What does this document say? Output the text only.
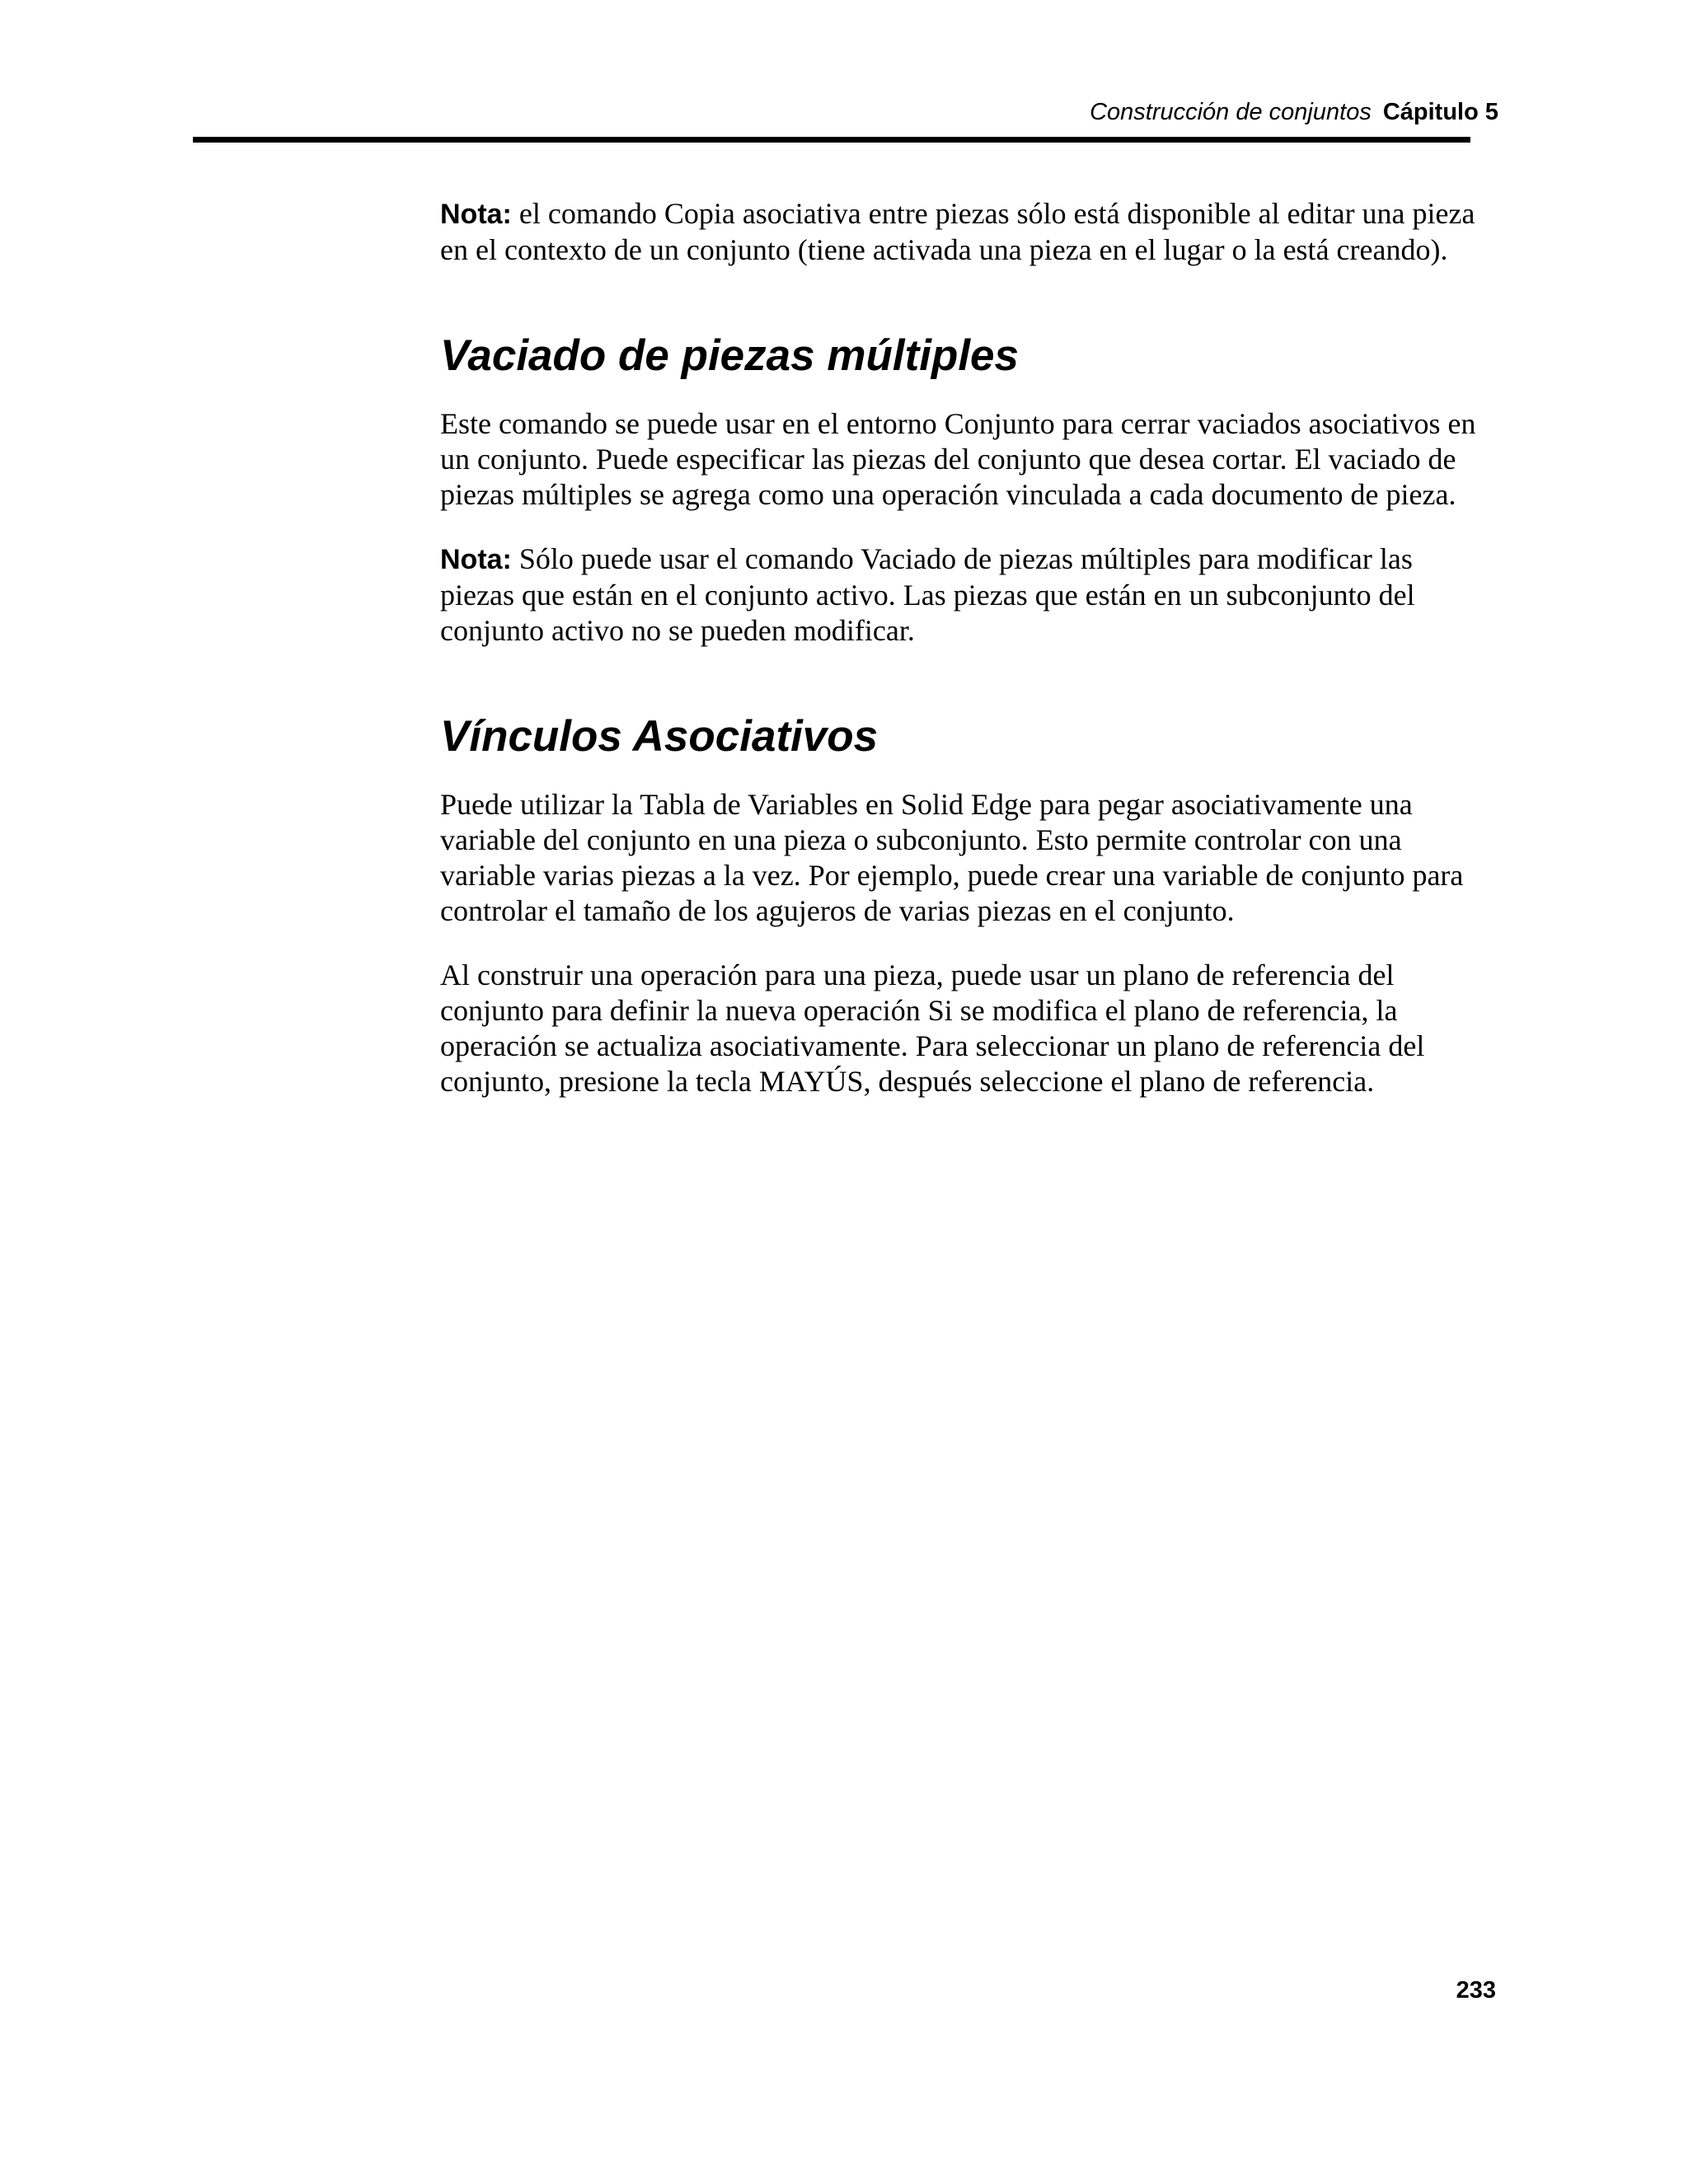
Construcción de conjuntos Cápitulo 5

Nota: el comando Copia asociativa entre piezas sólo está disponible al editar una pieza en el contexto de un conjunto (tiene activada una pieza en el lugar o la está creando).

Vaciado de piezas múltiples

Este comando se puede usar en el entorno Conjunto para cerrar vaciados asociativos en un conjunto. Puede especificar las piezas del conjunto que desea cortar. El vaciado de piezas múltiples se agrega como una operación vinculada a cada documento de pieza.

Nota: Sólo puede usar el comando Vaciado de piezas múltiples para modificar las piezas que están en el conjunto activo. Las piezas que están en un subconjunto del conjunto activo no se pueden modificar.

Vínculos Asociativos

Puede utilizar la Tabla de Variables en Solid Edge para pegar asociativamente una variable del conjunto en una pieza o subconjunto. Esto permite controlar con una variable varias piezas a la vez. Por ejemplo, puede crear una variable de conjunto para controlar el tamaño de los agujeros de varias piezas en el conjunto.

Al construir una operación para una pieza, puede usar un plano de referencia del conjunto para definir la nueva operación Si se modifica el plano de referencia, la operación se actualiza asociativamente. Para seleccionar un plano de referencia del conjunto, presione la tecla MAYÚS, después seleccione el plano de referencia.

233
